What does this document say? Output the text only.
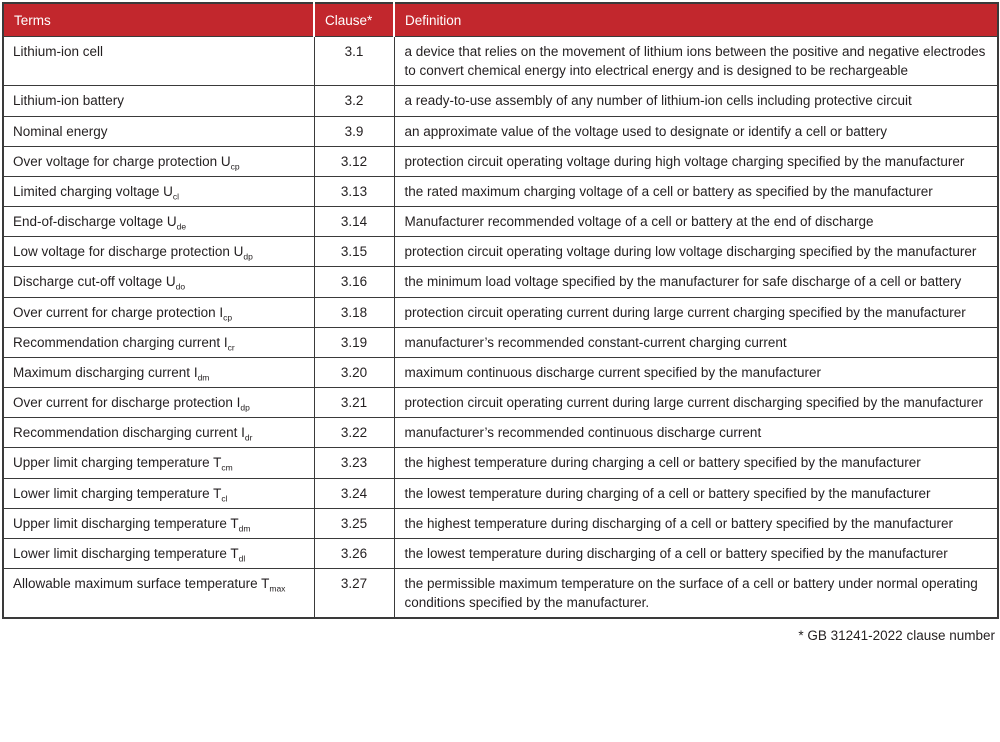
Terms	Clause*	Definition
Lithium-ion cell	3.1	a device that relies on the movement of lithium ions between the positive and negative electrodes to convert chemical energy into electrical energy and is designed to be rechargeable
Lithium-ion battery	3.2	a ready-to-use assembly of any number of lithium-ion cells including protective circuit
Nominal energy	3.9	an approximate value of the voltage used to designate or identify a cell or battery
Over voltage for charge protection $U_{cp}$	3.12	protection circuit operating voltage during high voltage charging specified by the manufacturer
Limited charging voltage $U_{cl}$	3.13	the rated maximum charging voltage of a cell or battery as specified by the manufacturer
End-of-discharge voltage $U_{de}$	3.14	Manufacturer recommended voltage of a cell or battery at the end of discharge
Low voltage for discharge protection $U_{dp}$	3.15	protection circuit operating voltage during low voltage discharging specified by the manufacturer
Discharge cut-off voltage $U_{do}$	3.16	the minimum load voltage specified by the manufacturer for safe discharge of a cell or battery
Over current for charge protection $I_{cp}$	3.18	protection circuit operating current during large current charging specified by the manufacturer
Recommendation charging current $I_{cr}$	3.19	manufacturer’s recommended constant-current charging current
Maximum discharging current $I_{dm}$	3.20	maximum continuous discharge current specified by the manufacturer
Over current for discharge protection $I_{dp}$	3.21	protection circuit operating current during large current discharging specified by the manufacturer
Recommendation discharging current $I_{dr}$	3.22	manufacturer’s recommended continuous discharge current
Upper limit charging temperature $T_{cm}$	3.23	the highest temperature during charging a cell or battery specified by the manufacturer
Lower limit charging temperature $T_{cl}$	3.24	the lowest temperature during charging of a cell or battery specified by the manufacturer
Upper limit discharging temperature $T_{dm}$	3.25	the highest temperature during discharging of a cell or battery specified by the manufacturer
Lower limit discharging temperature $T_{dl}$	3.26	the lowest temperature during discharging of a cell or battery specified by the manufacturer
Allowable maximum surface temperature $T_{max}$	3.27	the permissible maximum temperature on the surface of a cell or battery under normal operating conditions specified by the manufacturer.
* GB 31241-2022 clause number
